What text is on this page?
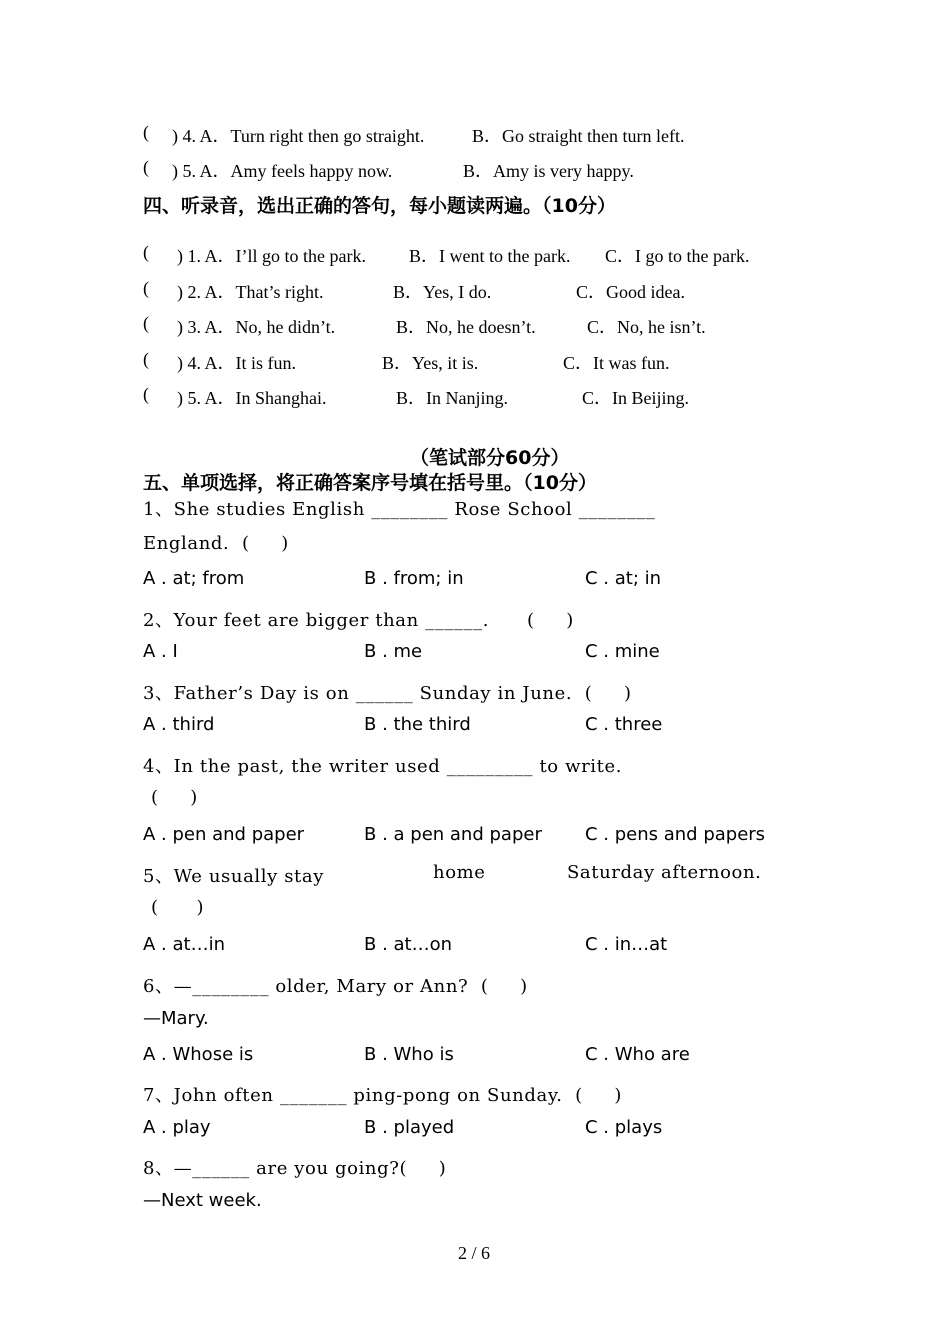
( ) 4. A．Turn right then go straight.	B．Go straight then turn left.
( ) 5. A．Amy feels happy now.	B．Amy is very happy.
四、听录音，选出正确的答句，每小题读两遍。（10分）
( ) 1. A．I’ll go to the park. B．I went to the park. C．I go to the park.
( ) 2. A．That’s right.	B．Yes, I do.	C．Good idea.
( ) 3. A．No, he didn’t.	B．No, he doesn’t.	C．No, he isn’t.
( ) 4. A．It is fun.	B．Yes, it is.	C．It was fun.
( ) 5. A．In Shanghai.	B．In Nanjing.	C．In Beijing.
（笔试部分60分）
五、单项选择，将正确答案序号填在括号里。（10分）
1、She studies English ________ Rose School ________
England.  (     )
A . at; from	B . from; in	C . at; in
2、Your feet are bigger than ______.      (     )
A . I	B . me	C . mine
3、Father’s Day is on ______ Sunday in June.  (     )
A . third	B . the third	C . three
4、In the past, the writer used _________ to write.
(     )
A . pen and paper	B . a pen and paper C . pens and papers
5、We usually stay	home	Saturday afternoon.
(      )
A . at…in	B . at…on	C . in…at
6、—________ older, Mary or Ann?  (     )
—Mary.
A . Whose is	B . Who is	C . Who are
7、John often _______ ping-pong on Sunday.  (     )
A . play	B . played	C . plays
8、—______ are you going?(     )
—Next week.
2 / 6
